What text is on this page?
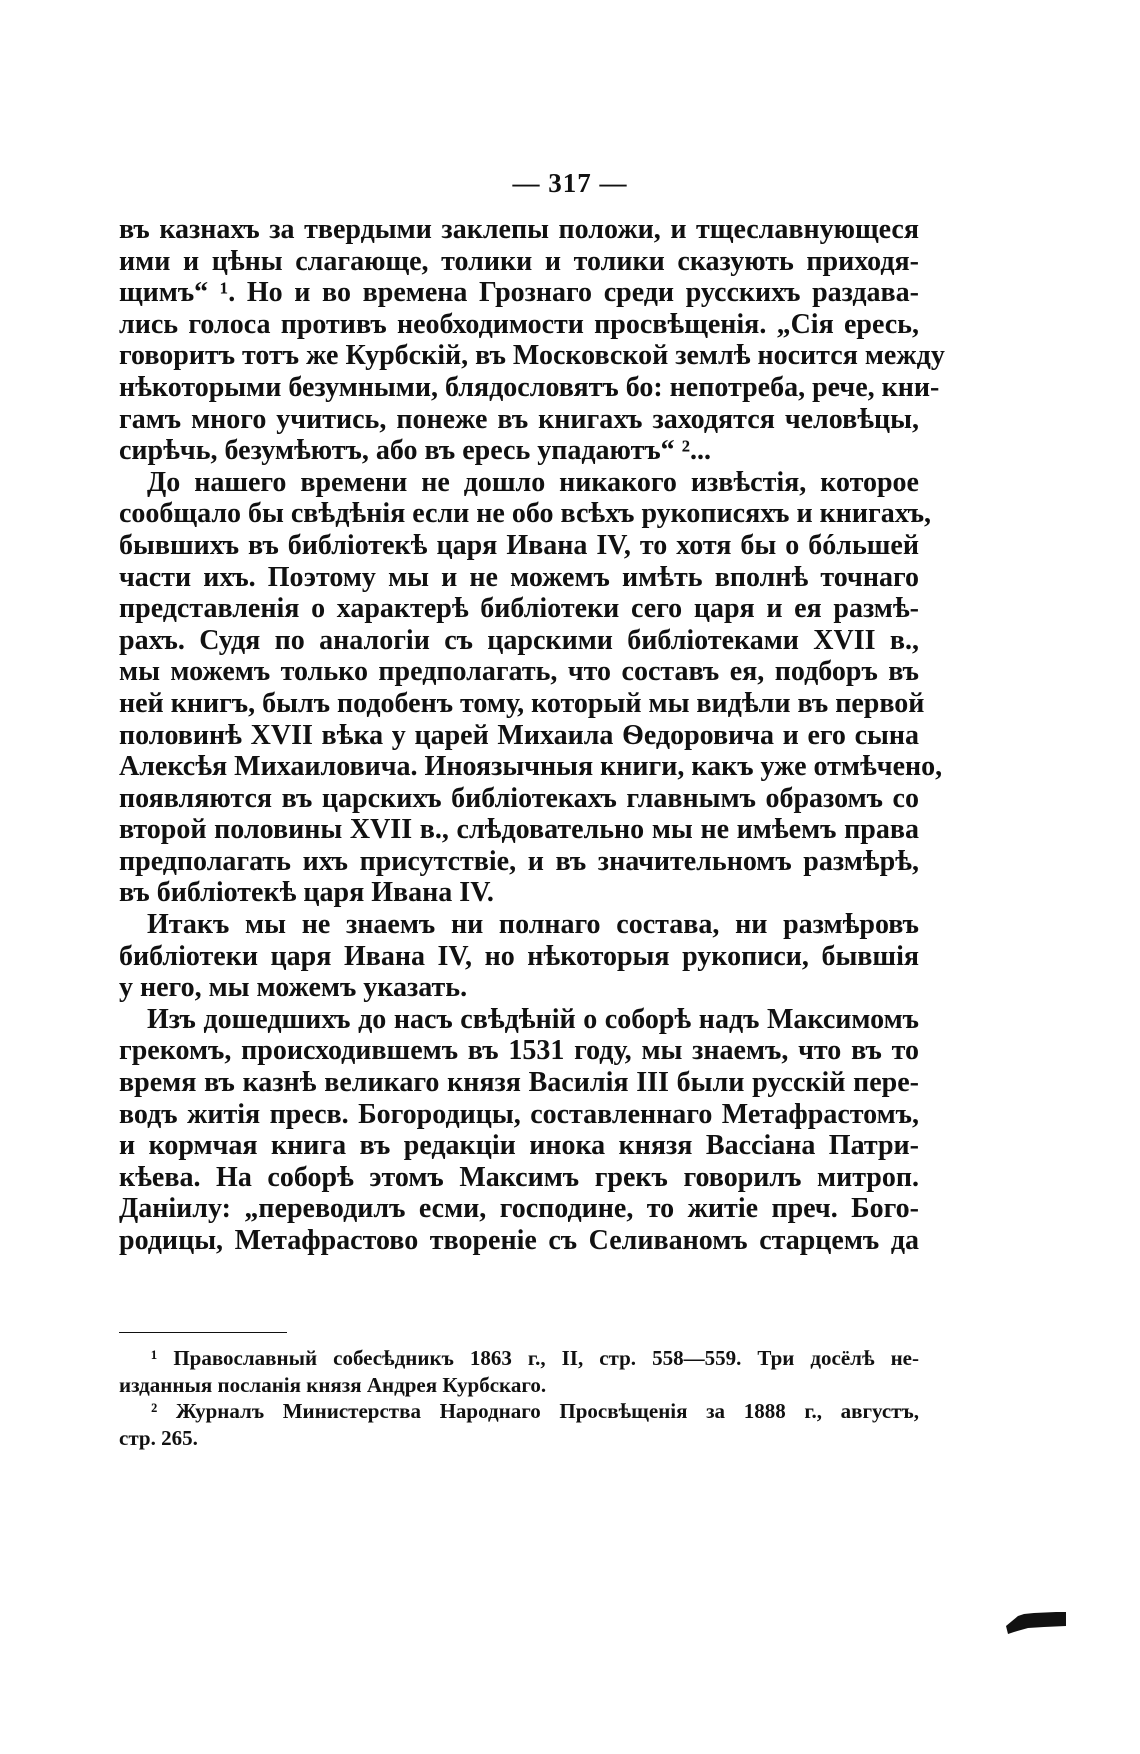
— 317 —
въ казнахъ за твердыми заклепы положи, и тщеславнующеся
ими и цѣны слагающе, толики и толики сказують приходя-
щимъ“ ¹. Но и во времена Грознаго среди русскихъ раздава-
лись голоса противъ необходимости просвѣщенія. „Сія ересь,
говоритъ тотъ же Курбскій, въ Московской землѣ носится между
нѣкоторыми безумными, блядословятъ бо: непотреба, рече, кни-
гамъ много учитись, понеже въ книгахъ заходятся человѣцы,
сирѣчь, безумѣютъ, або въ ересь упадаютъ“ ²...
До нашего времени не дошло никакого извѣстія, которое
сообщало бы свѣдѣнія если не обо всѣхъ рукописяхъ и книгахъ,
бывшихъ въ библіотекѣ царя Ивана IV, то хотя бы о бóльшей
части ихъ. Поэтому мы и не можемъ имѣть вполнѣ точнаго
представленія о характерѣ библіотеки сего царя и ея размѣ-
рахъ. Судя по аналогіи съ царскими библіотеками XVII в.,
мы можемъ только предполагать, что составъ ея, подборъ въ
ней книгъ, былъ подобенъ тому, который мы видѣли въ первой
половинѣ XVII вѣка у царей Михаила Ѳедоровича и его сына
Алексѣя Михаиловича. Иноязычныя книги, какъ уже отмѣчено,
появляются въ царскихъ библіотекахъ главнымъ образомъ со
второй половины XVII в., слѣдовательно мы не имѣемъ права
предполагать ихъ присутствіе, и въ значительномъ размѣрѣ,
въ библіотекѣ царя Ивана IV.
Итакъ мы не знаемъ ни полнаго состава, ни размѣровъ
библіотеки царя Ивана IV, но нѣкоторыя рукописи, бывшія
у него, мы можемъ указать.
Изъ дошедшихъ до насъ свѣдѣній о соборѣ надъ Максимомъ
грекомъ, происходившемъ въ 1531 году, мы знаемъ, что въ то
время въ казнѣ великаго князя Василія III были русскій пере-
водъ житія пресв. Богородицы, составленнаго Метафрастомъ,
и кормчая книга въ редакціи инока князя Вассіана Патри-
кѣева. На соборѣ этомъ Максимъ грекъ говорилъ митроп.
Даніилу: „переводилъ есми, господине, то житіе преч. Бого-
родицы, Метафрастово твореніе съ Селиваномъ старцемъ да
¹ Православный собесѣдникъ 1863 г., II, стр. 558—559. Три досёлѣ не-
изданныя посланія князя Андрея Курбскаго.
² Журналъ Министерства Народнаго Просвѣщенія за 1888 г., августъ,
стр. 265.
